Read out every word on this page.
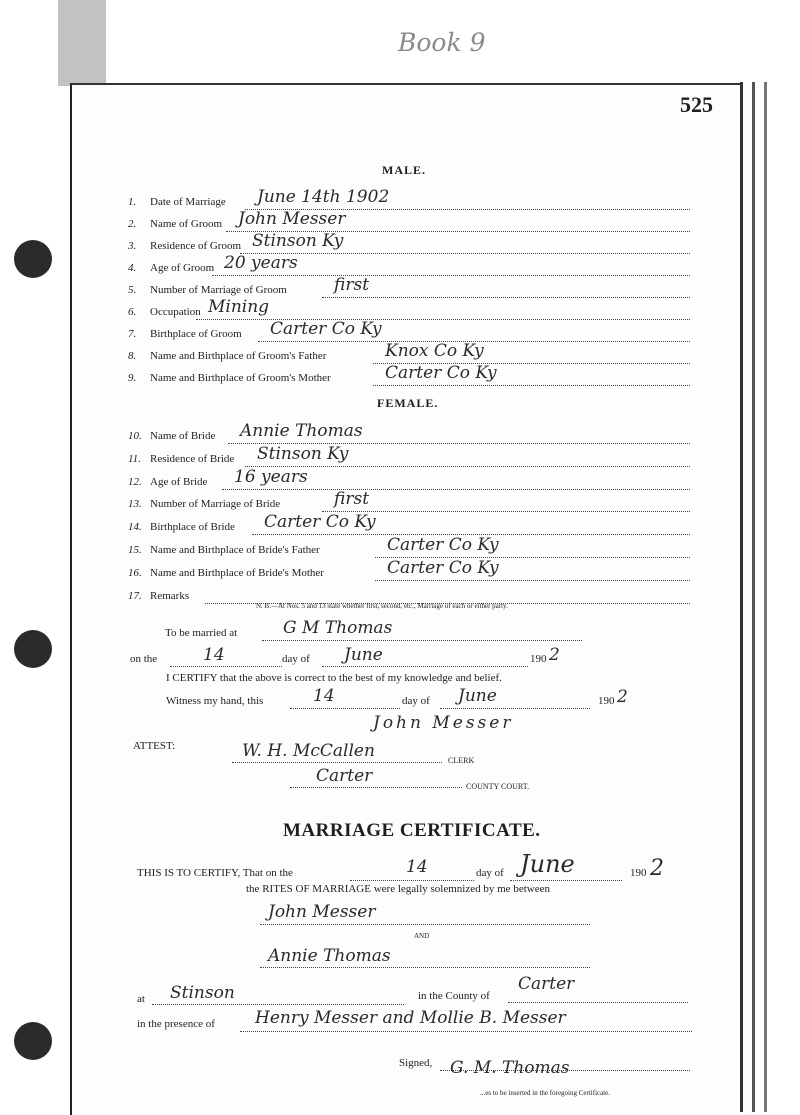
Book 9
525
MALE.
1. Date of Marriage June 14th 1902
2. Name of Groom John Messer
3. Residence of Groom Stinson Ky
4. Age of Groom 20 years
5. Number of Marriage of Groom	first
6. Occupation Mining
7. Birthplace of Groom Carter Co Ky
8. Name and Birthplace of Groom's Father	Knox Co Ky
9. Name and Birthplace of Groom's Mother	Carter Co Ky
FEMALE.
10. Name of Bride Annie Thomas
11. Residence of Bride Stinson Ky
12. Age of Bride 16 years
13. Number of Marriage of Bride	first
14. Birthplace of Bride Carter Co Ky
15. Name and Birthplace of Bride's Father	Carter Co Ky
16. Name and Birthplace of Bride's Mother	Carter Co Ky
17. Remarks
N. B.—At Nos. 5 and 13 state whether first, second, etc., Marriage of each or either party.
To be married at	G M Thomas
on the	14	day of June	190 2
I CERTIFY that the above is correct to the best of my knowledge and belief.
Witness my hand, this	14	day of June	190 2
John Messer
ATTEST:	W. H. McCallen	CLERK
Carter
COUNTY COURT.
MARRIAGE CERTIFICATE.
THIS IS TO CERTIFY, That on the	14	day of June	190 2
the RITES OF MARRIAGE were legally solemnized by me between
John Messer
AND
Annie Thomas
at Stinson	in the County of
Carter
in the presence of Henry Messer and Mollie B. Messer
Signed, G. M. Thomas
...es to be inserted in the foregoing Certificate.
